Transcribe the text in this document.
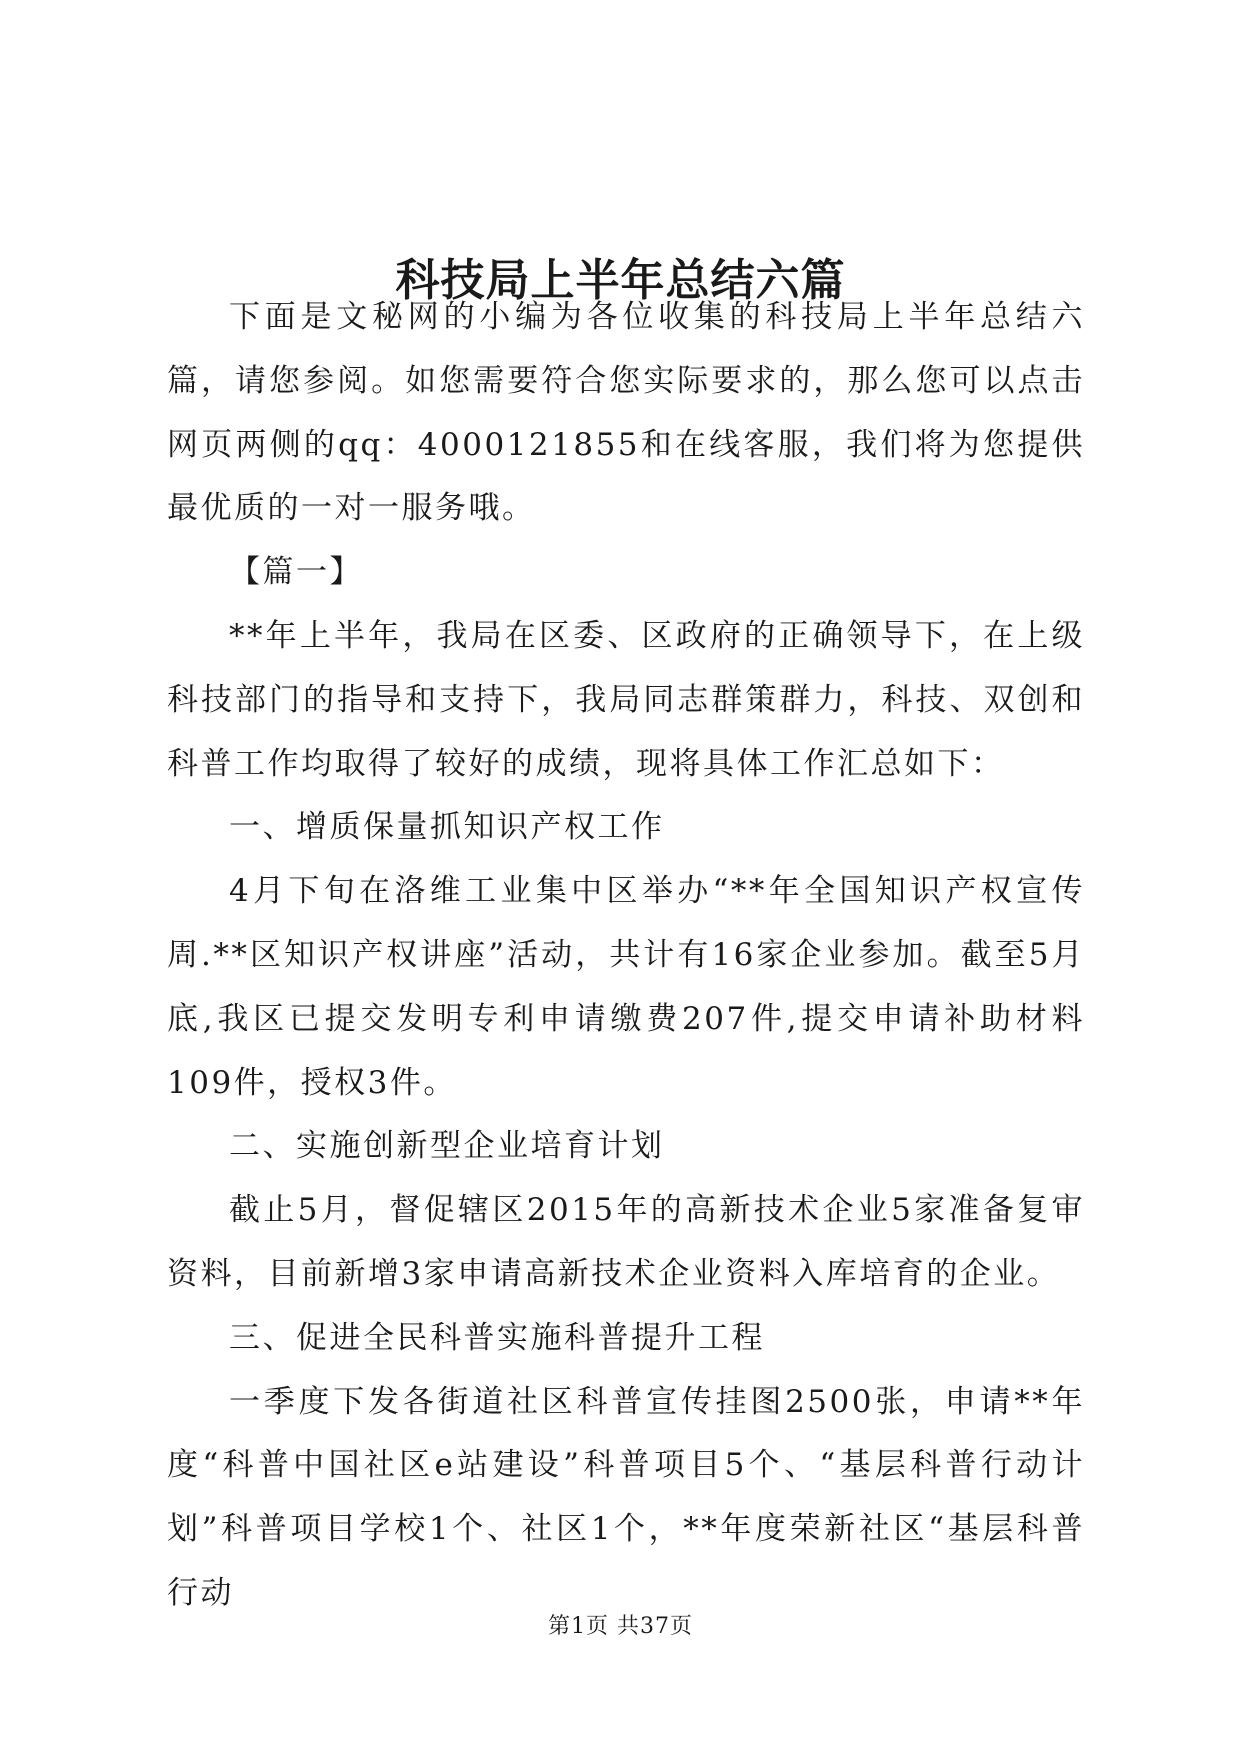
科技局上半年总结六篇

下面是文秘网的小编为各位收集的科技局上半年总结六篇，请您参阅。如您需要符合您实际要求的，那么您可以点击网页两侧的qq：4000121855和在线客服，我们将为您提供最优质的一对一服务哦。

【篇一】

**年上半年，我局在区委、区政府的正确领导下，在上级科技部门的指导和支持下，我局同志群策群力，科技、双创和科普工作均取得了较好的成绩，现将具体工作汇总如下：

一、增质保量抓知识产权工作

4月下旬在洛维工业集中区举办“**年全国知识产权宣传周.**区知识产权讲座”活动，共计有16家企业参加。截至5月底,我区已提交发明专利申请缴费207件,提交申请补助材料109件，授权3件。

二、实施创新型企业培育计划

截止5月，督促辖区2015年的高新技术企业5家准备复审资料，目前新增3家申请高新技术企业资料入库培育的企业。

三、促进全民科普实施科普提升工程

一季度下发各街道社区科普宣传挂图2500张，申请**年度“科普中国社区e站建设”科普项目5个、“基层科普行动计划”科普项目学校1个、社区1个，**年度荣新社区“基层科普行动

第1页 共37页
